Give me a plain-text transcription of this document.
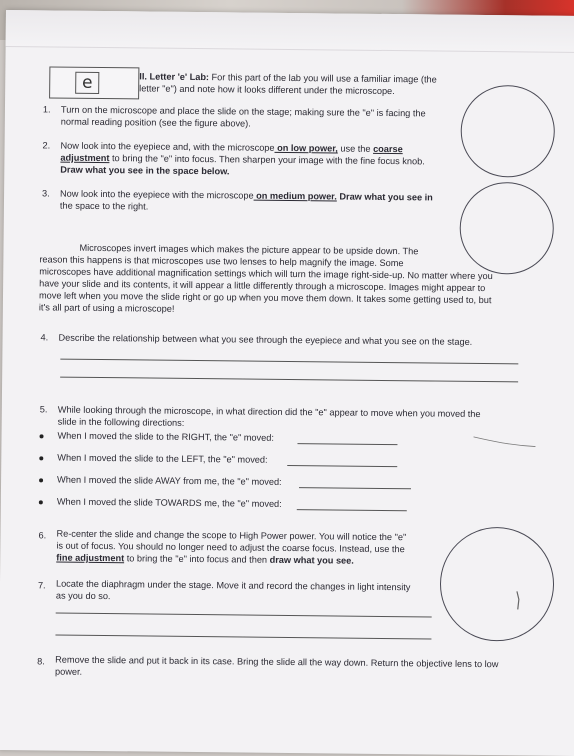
e	II. Letter 'e' Lab: For this part of the lab you will use a familiar image (the
letter "e") and note how it looks different under the microscope.
1. Turn on the microscope and place the slide on the stage; making sure the "e" is facing the
normal reading position (see the figure above).
2. Now look into the eyepiece and, with the microscope on low power, use the coarse
adjustment to bring the "e" into focus. Then sharpen your image with the fine focus knob.
Draw what you see in the space below.
3. Now look into the eyepiece with the microscope on medium power. Draw what you see in
the space to the right.
Microscopes invert images which makes the picture appear to be upside down. The
reason this happens is that microscopes use two lenses to help magnify the image. Some
microscopes have additional magnification settings which will turn the image right-side-up. No matter where you
have your slide and its contents, it will appear a little differently through a microscope. Images might appear to
move left when you move the slide right or go up when you move them down. It takes some getting used to, but
it's all part of using a microscope!
4. Describe the relationship between what you see through the eyepiece and what you see on the stage.
5. While looking through the microscope, in what direction did the "e" appear to move when you moved the
slide in the following directions:
When I moved the slide to the RIGHT, the "e" moved:
When I moved the slide to the LEFT, the "e" moved:
When I moved the slide AWAY from me, the "e" moved:
When I moved the slide TOWARDS me, the "e" moved:
6. Re-center the slide and change the scope to High Power power. You will notice the "e"
is out of focus. You should no longer need to adjust the coarse focus. Instead, use the
fine adjustment to bring the "e" into focus and then draw what you see.
7. Locate the diaphragm under the stage. Move it and record the changes in light intensity
as you do so.
8. Remove the slide and put it back in its case. Bring the slide all the way down. Return the objective lens to low
power.
